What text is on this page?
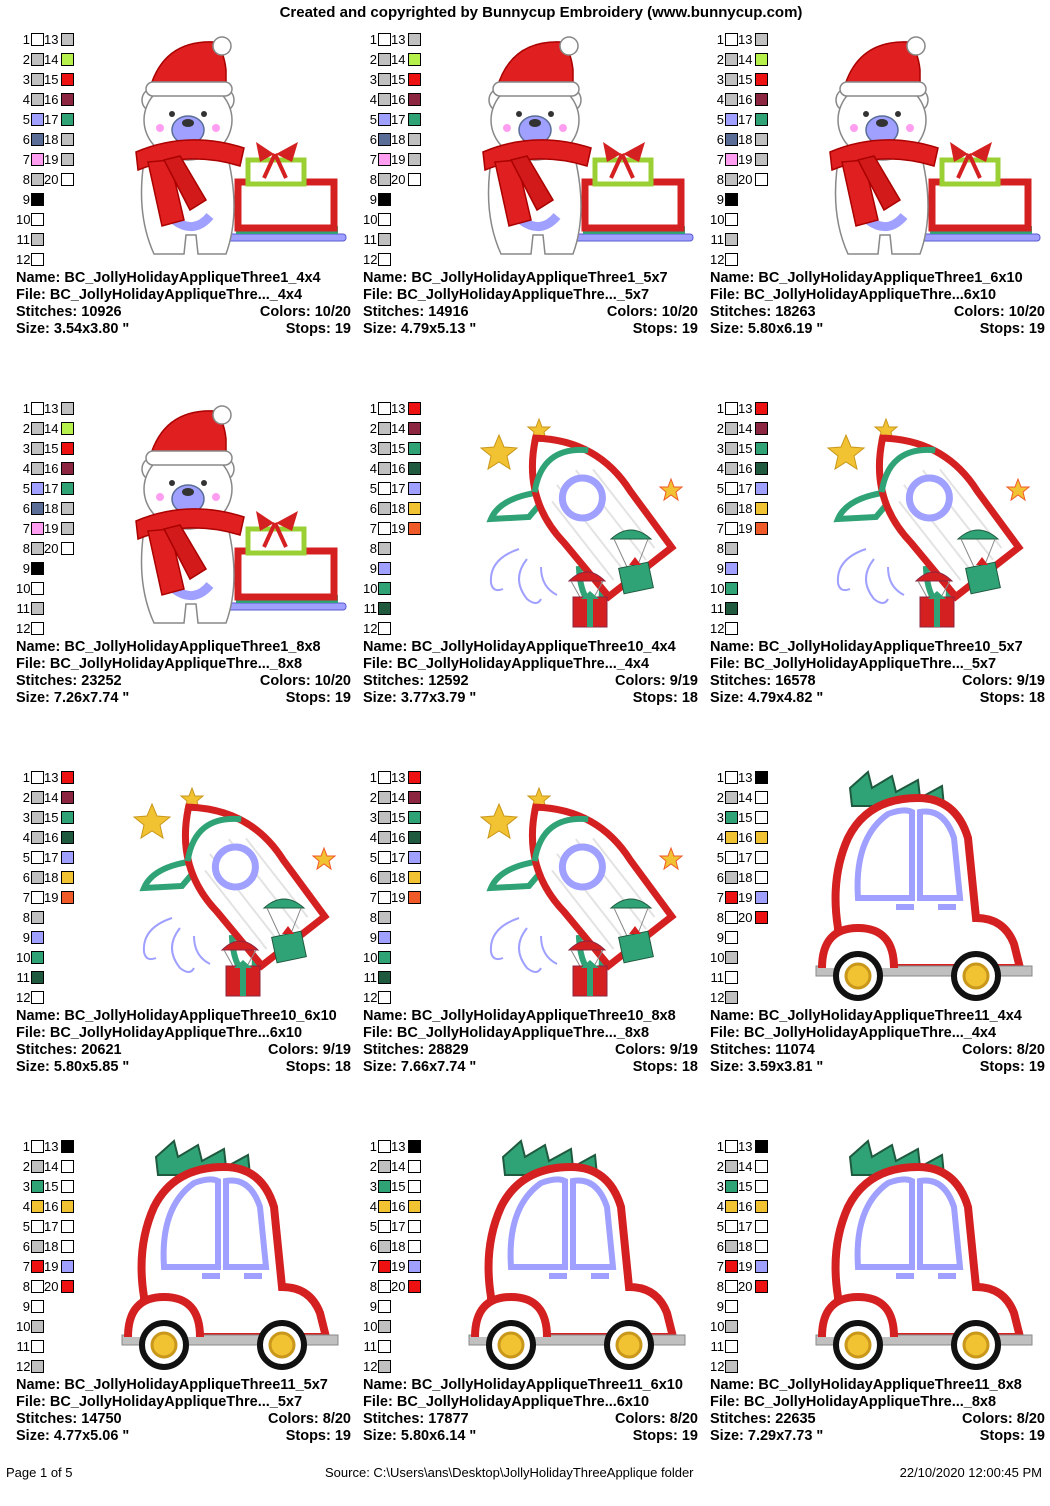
Created and copyrighted by Bunnycup Embroidery (www.bunnycup.com)
1 13
2 14
3 15
4 16
5 17
6 18
7 19
8 20
9
10
11
12
Name: BC_JollyHolidayAppliqueThree1_4x4
File: BC_JollyHolidayAppliqueThre..._4x4
Stitches: 10926	Colors: 10/20
Size: 3.54x3.80 "	Stops: 19
1 13
2 14
3 15
4 16
5 17
6 18
7 19
8 20
9
10
11
12
Name: BC_JollyHolidayAppliqueThree1_5x7
File: BC_JollyHolidayAppliqueThre..._5x7
Stitches: 14916	Colors: 10/20
Size: 4.79x5.13 "	Stops: 19
1 13
2 14
3 15
4 16
5 17
6 18
7 19
8 20
9
10
11
12
Name: BC_JollyHolidayAppliqueThree1_6x10
File: BC_JollyHolidayAppliqueThre...6x10
Stitches: 18263	Colors: 10/20
Size: 5.80x6.19 "	Stops: 19
1 13
2 14
3 15
4 16
5 17
6 18
7 19
8 20
9
10
11
12
Name: BC_JollyHolidayAppliqueThree1_8x8
File: BC_JollyHolidayAppliqueThre..._8x8
Stitches: 23252	Colors: 10/20
Size: 7.26x7.74 "	Stops: 19
1 13
2 14
3 15
4 16
5 17
6 18
7 19
8
9
10
11
12
Name: BC_JollyHolidayAppliqueThree10_4x4
File: BC_JollyHolidayAppliqueThre..._4x4
Stitches: 12592	Colors: 9/19
Size: 3.77x3.79 "	Stops: 18
1 13
2 14
3 15
4 16
5 17
6 18
7 19
8
9
10
11
12
Name: BC_JollyHolidayAppliqueThree10_5x7
File: BC_JollyHolidayAppliqueThre..._5x7
Stitches: 16578	Colors: 9/19
Size: 4.79x4.82 "	Stops: 18
1 13
2 14
3 15
4 16
5 17
6 18
7 19
8
9
10
11
12
Name: BC_JollyHolidayAppliqueThree10_6x10
File: BC_JollyHolidayAppliqueThre...6x10
Stitches: 20621	Colors: 9/19
Size: 5.80x5.85 "	Stops: 18
1 13
2 14
3 15
4 16
5 17
6 18
7 19
8
9
10
11
12
Name: BC_JollyHolidayAppliqueThree10_8x8
File: BC_JollyHolidayAppliqueThre..._8x8
Stitches: 28829	Colors: 9/19
Size: 7.66x7.74 "	Stops: 18
1 13
2 14
3 15
4 16
5 17
6 18
7 19
8 20
9
10
11
12
Name: BC_JollyHolidayAppliqueThree11_4x4
File: BC_JollyHolidayAppliqueThre..._4x4
Stitches: 11074	Colors: 8/20
Size: 3.59x3.81 "	Stops: 19
1 13
2 14
3 15
4 16
5 17
6 18
7 19
8 20
9
10
11
12
Name: BC_JollyHolidayAppliqueThree11_5x7
File: BC_JollyHolidayAppliqueThre..._5x7
Stitches: 14750	Colors: 8/20
Size: 4.77x5.06 "	Stops: 19
1 13
2 14
3 15
4 16
5 17
6 18
7 19
8 20
9
10
11
12
Name: BC_JollyHolidayAppliqueThree11_6x10
File: BC_JollyHolidayAppliqueThre...6x10
Stitches: 17877	Colors: 8/20
Size: 5.80x6.14 "	Stops: 19
1 13
2 14
3 15
4 16
5 17
6 18
7 19
8 20
9
10
11
12
Name: BC_JollyHolidayAppliqueThree11_8x8
File: BC_JollyHolidayAppliqueThre..._8x8
Stitches: 22635	Colors: 8/20
Size: 7.29x7.73 "	Stops: 19
Page 1 of 5	Source: C:\Users\ans\Desktop\JollyHolidayThreeApplique folder	22/10/2020 12:00:45 PM
